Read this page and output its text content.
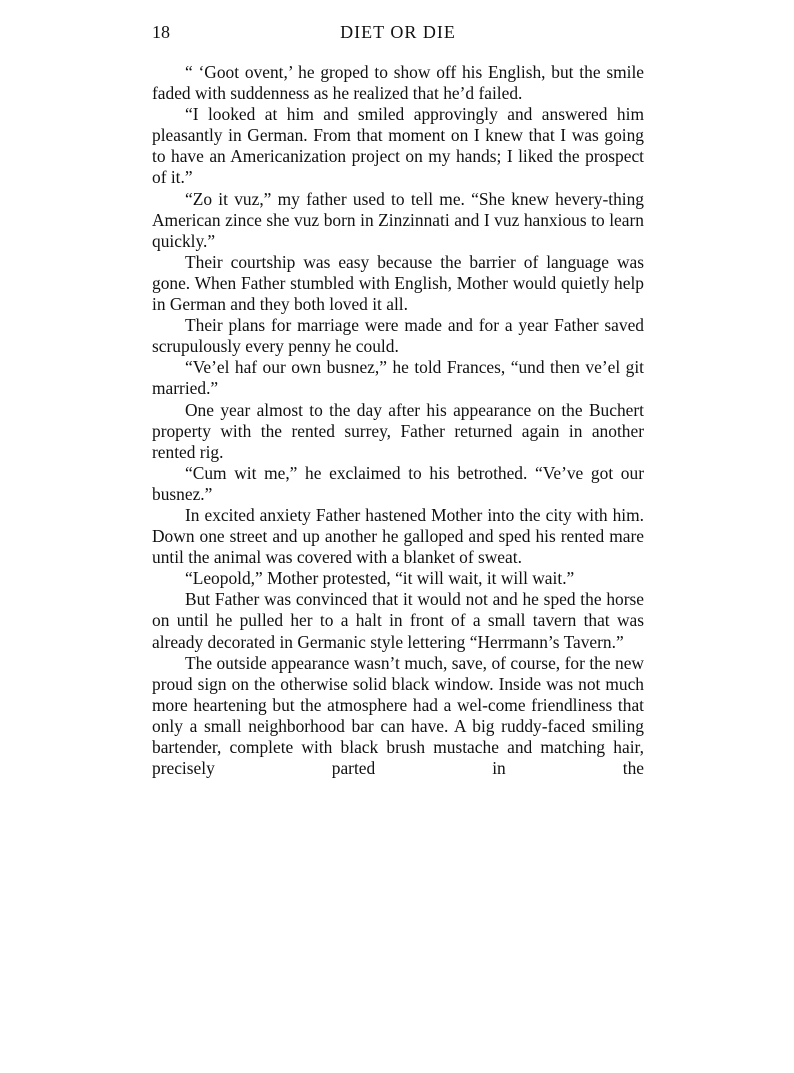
18	DIET OR DIE

“ ‘Goot ovent,’ he groped to show off his English, but the smile faded with suddenness as he realized that he’d failed.

“I looked at him and smiled approvingly and answered him pleasantly in German. From that moment on I knew that I was going to have an Americanization project on my hands; I liked the prospect of it.”

“Zo it vuz,” my father used to tell me. “She knew hevery-thing American zince she vuz born in Zinzinnati and I vuz hanxious to learn quickly.”

Their courtship was easy because the barrier of language was gone. When Father stumbled with English, Mother would quietly help in German and they both loved it all.

Their plans for marriage were made and for a year Father saved scrupulously every penny he could.

“Ve’el haf our own busnez,” he told Frances, “und then ve’el git married.”

One year almost to the day after his appearance on the Buchert property with the rented surrey, Father returned again in another rented rig.

“Cum wit me,” he exclaimed to his betrothed. “Ve’ve got our busnez.”

In excited anxiety Father hastened Mother into the city with him. Down one street and up another he galloped and sped his rented mare until the animal was covered with a blanket of sweat.

“Leopold,” Mother protested, “it will wait, it will wait.”

But Father was convinced that it would not and he sped the horse on until he pulled her to a halt in front of a small tavern that was already decorated in Germanic style lettering “Herrmann’s Tavern.”

The outside appearance wasn’t much, save, of course, for the new proud sign on the otherwise solid black window. Inside was not much more heartening but the atmosphere had a wel-come friendliness that only a small neighborhood bar can have. A big ruddy-faced smiling bartender, complete with black brush mustache and matching hair, precisely parted in the
